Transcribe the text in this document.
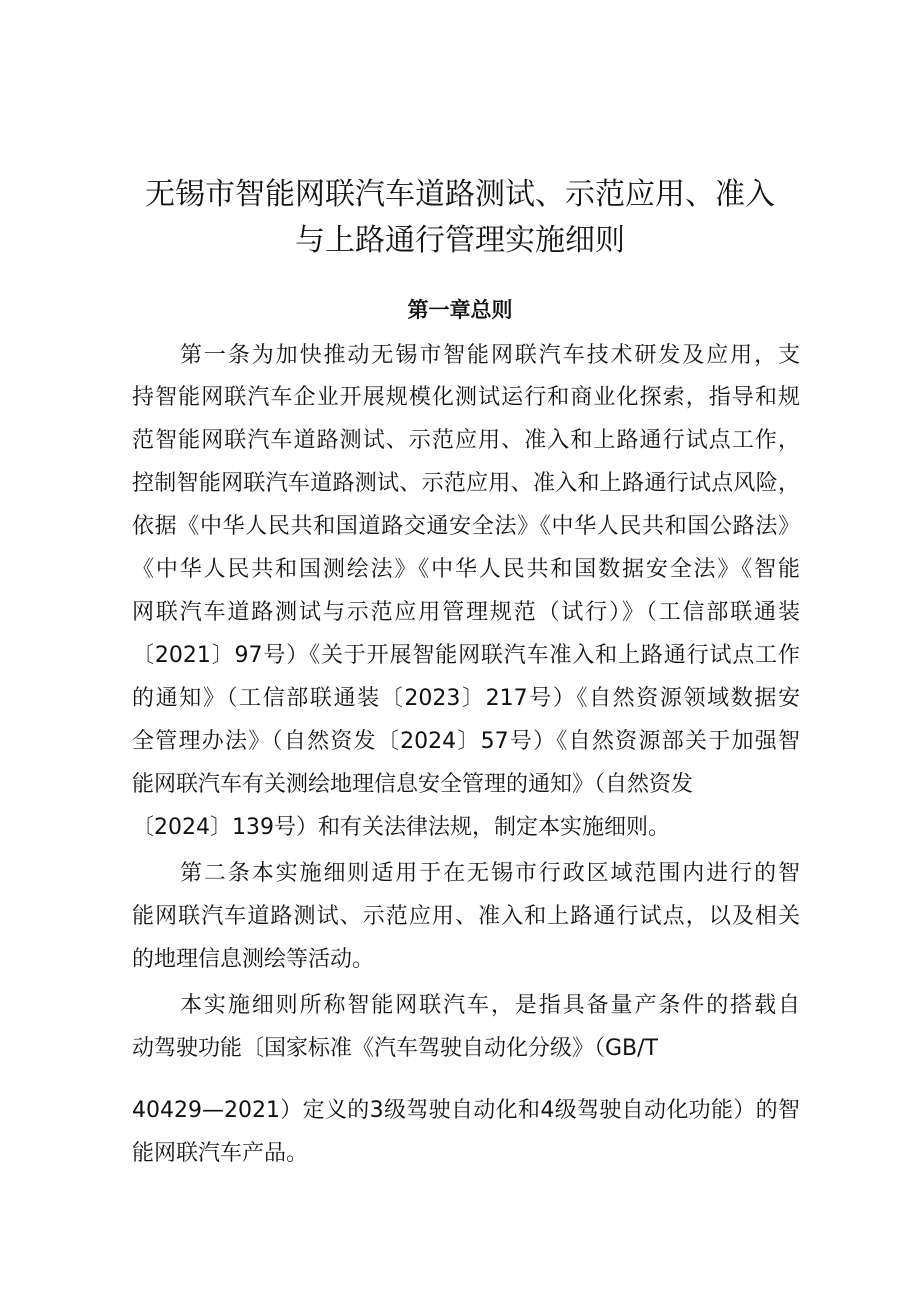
无锡市智能网联汽车道路测试、示范应用、准入
与上路通行管理实施细则
第一章总则

第一条为加快推动无锡市智能网联汽车技术研发及应用，支

持智能网联汽车企业开展规模化测试运行和商业化探索，指导和规

范智能网联汽车道路测试、示范应用、准入和上路通行试点工作，

控制智能网联汽车道路测试、示范应用、准入和上路通行试点风险，

依据《中华人民共和国道路交通安全法》《中华人民共和国公路法》

《中华人民共和国测绘法》《中华人民共和国数据安全法》《智能

网联汽车道路测试与示范应用管理规范（试行）》（工信部联通装

〔2021〕97号）《关于开展智能网联汽车准入和上路通行试点工作

的通知》（工信部联通装〔2023〕217号）《自然资源领域数据安

全管理办法》（自然资发〔2024〕57号）《自然资源部关于加强智

能网联汽车有关测绘地理信息安全管理的通知》（自然资发

〔2024〕139号）和有关法律法规，制定本实施细则。

第二条本实施细则适用于在无锡市行政区域范围内进行的智

能网联汽车道路测试、示范应用、准入和上路通行试点，以及相关

的地理信息测绘等活动。

本实施细则所称智能网联汽车，是指具备量产条件的搭载自

动驾驶功能〔国家标准《汽车驾驶自动化分级》（GB/T

40429—2021）定义的3级驾驶自动化和4级驾驶自动化功能）的智

能网联汽车产品。
